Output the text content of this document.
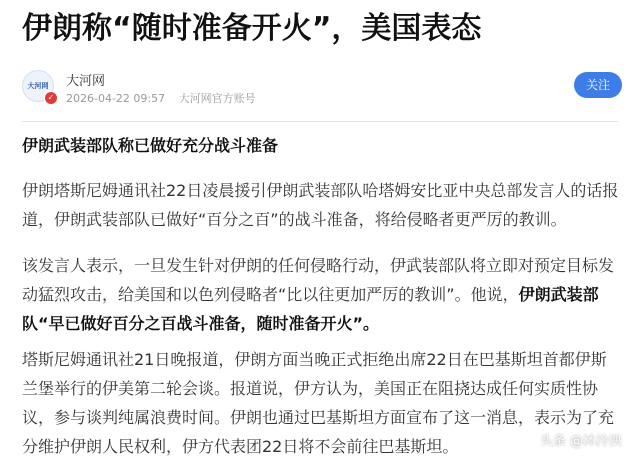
伊朗称“随时准备开火”，美国表态
大河网
✓
大河网
2026-04-22 09:57 大河网官方账号
关注
伊朗武装部队称已做好充分战斗准备
伊朗塔斯尼姆通讯社22日凌晨援引伊朗武装部队哈塔姆安比亚中央总部发言人的话报道，伊朗武装部队已做好“百分之百”的战斗准备，将给侵略者更严厉的教训。
该发言人表示，一旦发生针对伊朗的任何侵略行动，伊武装部队将立即对预定目标发动猛烈攻击，给美国和以色列侵略者“比以往更加严厉的教训”。他说，伊朗武装部队“早已做好百分之百战斗准备，随时准备开火”。
塔斯尼姆通讯社21日晚报道，伊朗方面当晚正式拒绝出席22日在巴基斯坦首都伊斯兰堡举行的伊美第二轮会谈。报道说，伊方认为，美国正在阻挠达成任何实质性协议，参与谈判纯属浪费时间。伊朗也通过巴基斯坦方面宣布了这一消息，表示为了充分维护伊朗人民权利，伊方代表团22日将不会前往巴基斯坦。	头条 @沐泠泱
